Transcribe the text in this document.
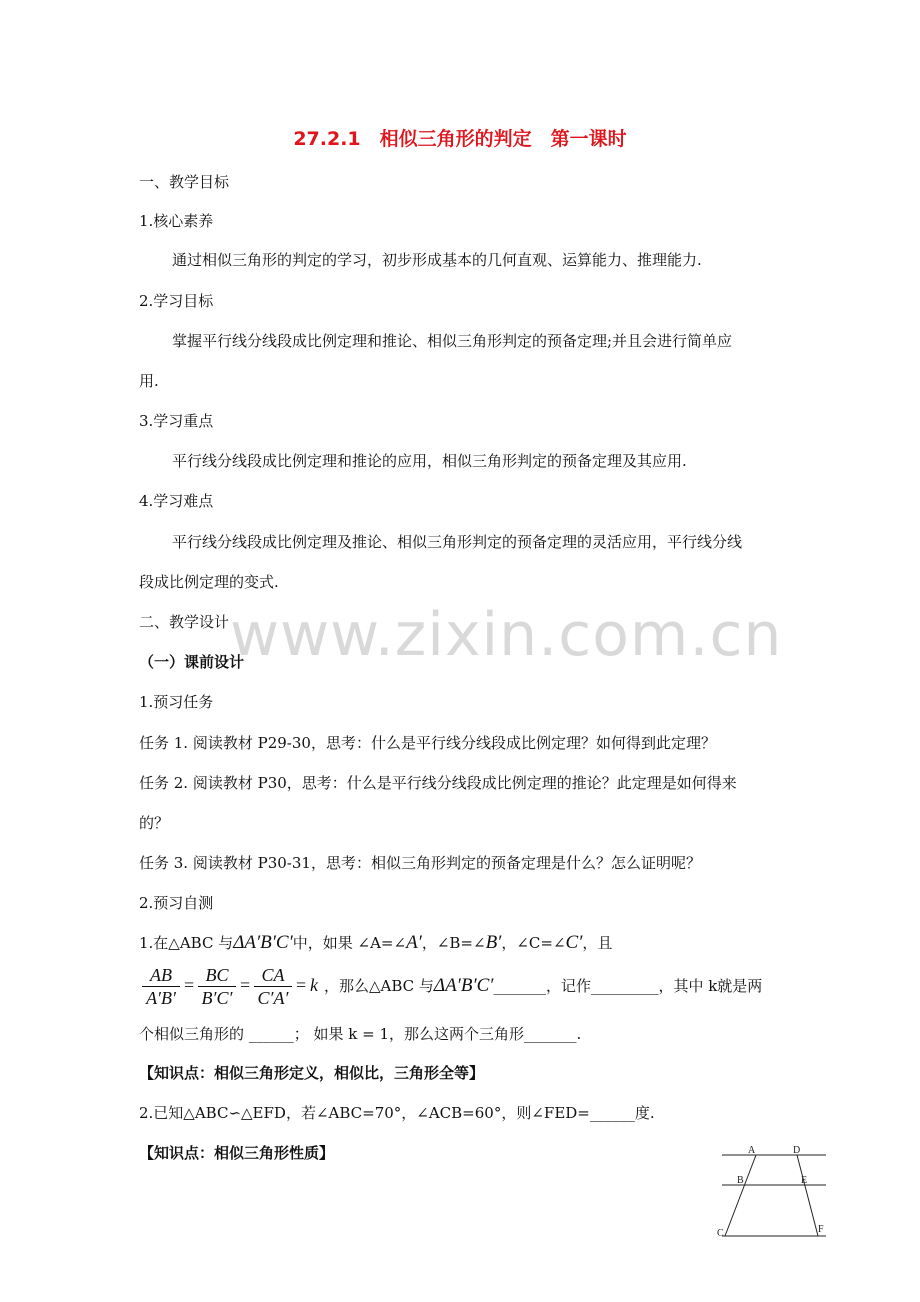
27.2.1　相似三角形的判定　第一课时
一、教学目标
1.核心素养
通过相似三角形的判定的学习，初步形成基本的几何直观、运算能力、推理能力.
2.学习目标
掌握平行线分线段成比例定理和推论、相似三角形判定的预备定理;并且会进行简单应
用.
3.学习重点
平行线分线段成比例定理和推论的应用，相似三角形判定的预备定理及其应用.
4.学习难点
平行线分线段成比例定理及推论、相似三角形判定的预备定理的灵活应用，平行线分线
段成比例定理的变式.
二、教学设计 www.zixin.com.cn
（一）课前设计
1.预习任务
任务 1. 阅读教材 P29-30，思考：什么是平行线分线段成比例定理？如何得到此定理？
任务 2. 阅读教材 P30，思考：什么是平行线分线段成比例定理的推论？此定理是如何得来
的？
任务 3. 阅读教材 P30-31，思考：相似三角形判定的预备定理是什么？怎么证明呢？
2.预习自测
1.在△ABC 与ΔA′B′C′中，如果 ∠A=∠A′，∠B=∠B′，∠C=∠C′，且
AB
A′B′
= BC
B′C′
= CA
C′A′
= k ，那么△ABC 与ΔA′B′C′_______，记作_________，其中 k就是两
个相似三角形的 ______； 如果 k = 1，那么这两个三角形_______.
【知识点：相似三角形定义，相似比，三角形全等】
2.已知△ABC∽△EFD，若∠ABC=70°，∠ACB=60°，则∠FED=______度.
【知识点：相似三角形性质】	A	D
B	E
C	F
